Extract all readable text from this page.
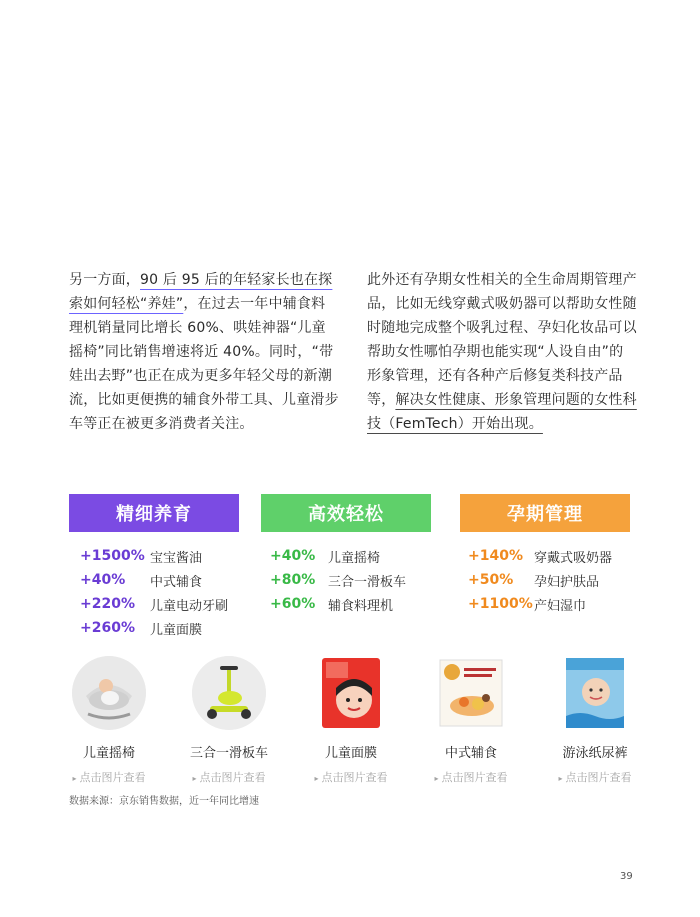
另一方面，90 后 95 后的年轻家长也在探索如何轻松“养娃”，在过去一年中辅食料理机销量同比增长 60%、哄娃神器“儿童摇椅”同比销售增速将近 40%。同时，“带娃出去野”也正在成为更多年轻父母的新潮流，比如更便携的辅食外带工具、儿童滑步车等正在被更多消费者关注。

此外还有孕期女性相关的全生命周期管理产品，比如无线穿戴式吸奶器可以帮助女性随时随地完成整个吸乳过程、孕妇化妆品可以帮助女性哪怕孕期也能实现“人设自由”的形象管理，还有各种产后修复类科技产品等，解决女性健康、形象管理问题的女性科技（FemTech）开始出现。

精细养育	高效轻松	孕期管理
+1500% 宝宝酱油
+40%	中式辅食
+220%	儿童电动牙刷
+260%	儿童面膜
+40% 儿童摇椅
+80% 三合一滑板车
+60% 辅食料理机
+140% 穿戴式吸奶器
+50%	孕妇护肤品
+1100% 产妇湿巾
儿童摇椅
▸ 点击图片查看
三合一滑板车
▸ 点击图片查看
儿童面膜
▸ 点击图片查看
中式辅食
▸ 点击图片查看
游泳纸尿裤
▸ 点击图片查看
数据来源：京东销售数据，近一年同比增速
39
